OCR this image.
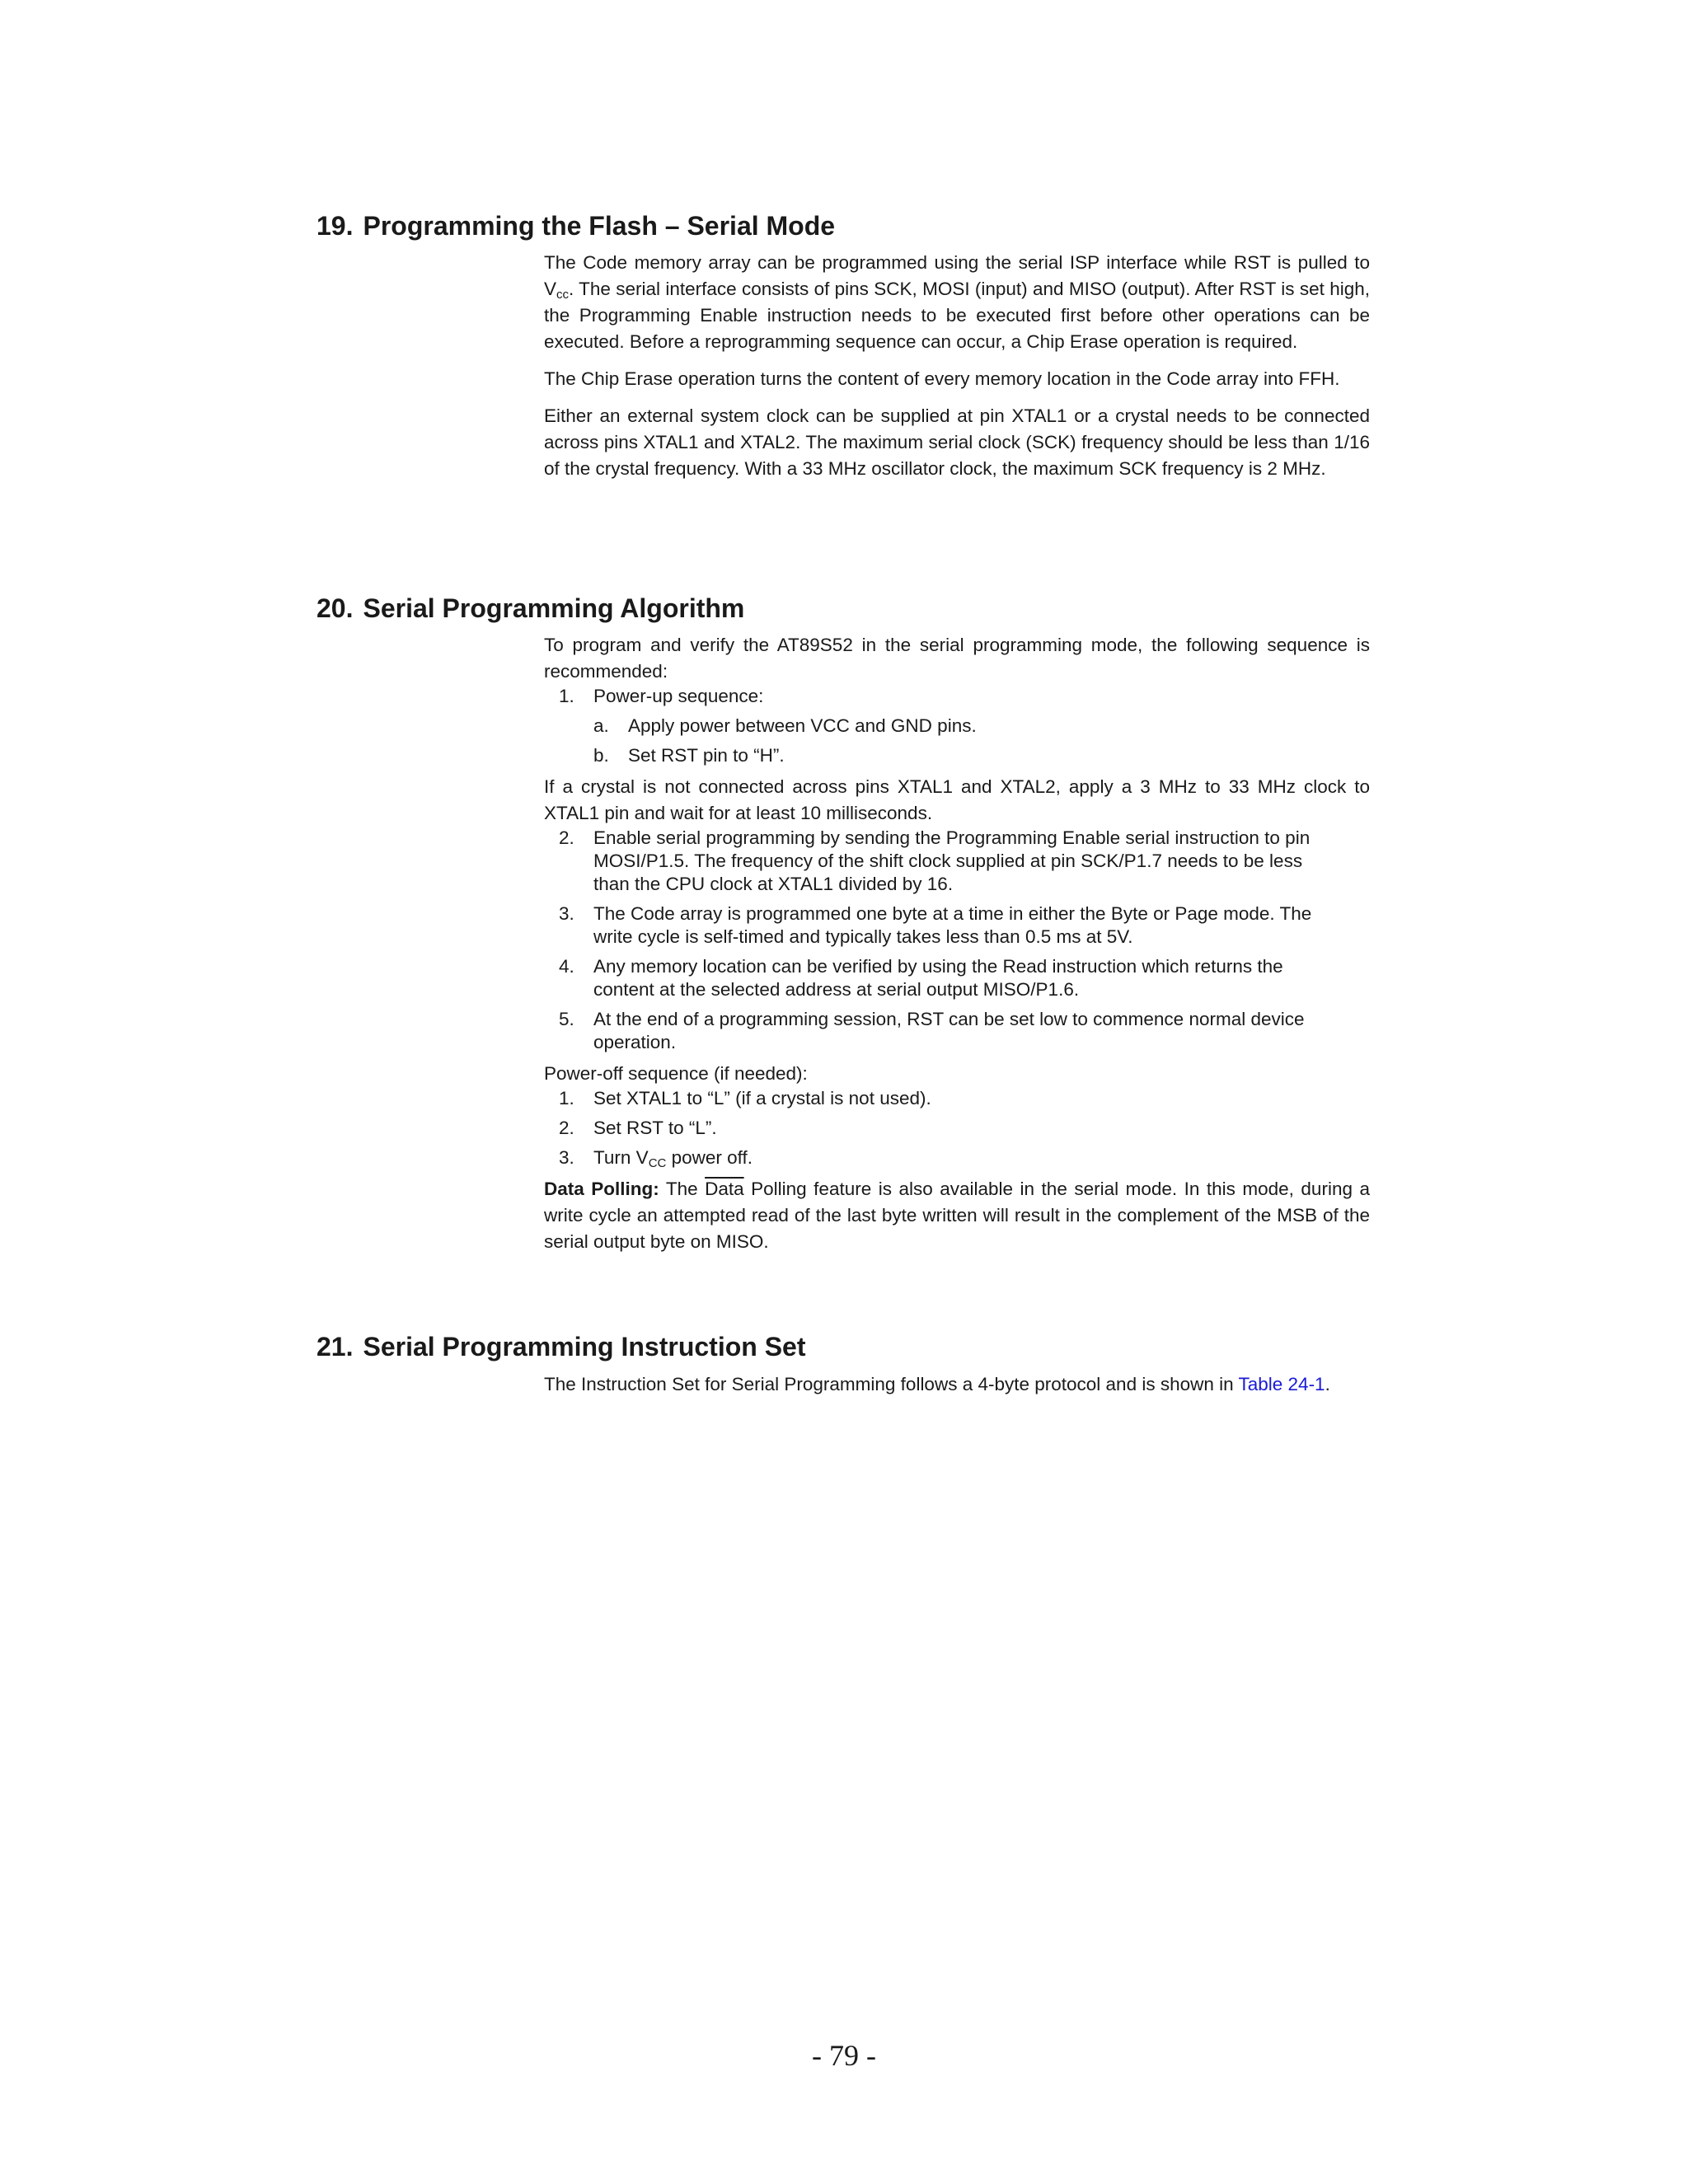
19. Programming the Flash – Serial Mode

The Code memory array can be programmed using the serial ISP interface while RST is pulled to $V_{cc}$. The serial interface consists of pins SCK, MOSI (input) and MISO (output). After RST is set high, the Programming Enable instruction needs to be executed first before other operations can be executed. Before a reprogramming sequence can occur, a Chip Erase operation is required.

The Chip Erase operation turns the content of every memory location in the Code array into FFH.

Either an external system clock can be supplied at pin XTAL1 or a crystal needs to be connected across pins XTAL1 and XTAL2. The maximum serial clock (SCK) frequency should be less than 1/16 of the crystal frequency. With a 33 MHz oscillator clock, the maximum SCK frequency is 2 MHz.

20. Serial Programming Algorithm

To program and verify the AT89S52 in the serial programming mode, the following sequence is recommended:

1. Power-up sequence:
a. Apply power between VCC and GND pins.
b. Set RST pin to “H”.

If a crystal is not connected across pins XTAL1 and XTAL2, apply a 3 MHz to 33 MHz clock to XTAL1 pin and wait for at least 10 milliseconds.

2. Enable serial programming by sending the Programming Enable serial instruction to pin MOSI/P1.5. The frequency of the shift clock supplied at pin SCK/P1.7 needs to be less than the CPU clock at XTAL1 divided by 16.
3. The Code array is programmed one byte at a time in either the Byte or Page mode. The write cycle is self-timed and typically takes less than 0.5 ms at 5V.
4. Any memory location can be verified by using the Read instruction which returns the content at the selected address at serial output MISO/P1.6.
5. At the end of a programming session, RST can be set low to commence normal device operation.

Power-off sequence (if needed):

1. Set XTAL1 to “L” (if a crystal is not used).
2. Set RST to “L”.
3. Turn $V_{CC}$ power off.

Data Polling: The Data Polling feature is also available in the serial mode. In this mode, during a write cycle an attempted read of the last byte written will result in the complement of the MSB of the serial output byte on MISO.

21. Serial Programming Instruction Set

The Instruction Set for Serial Programming follows a 4-byte protocol and is shown in Table 24-1.

- 79 -
